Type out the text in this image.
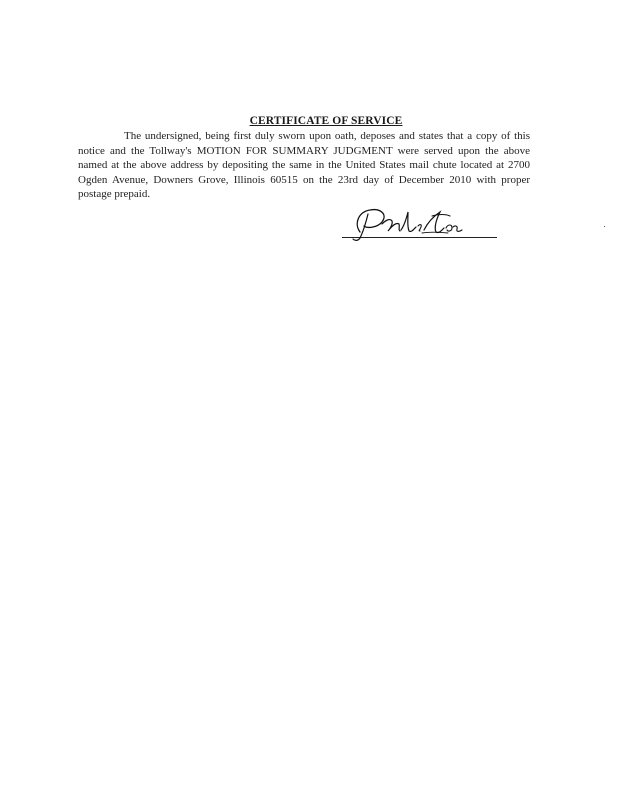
CERTIFICATE OF SERVICE

The undersigned, being first duly sworn upon oath, deposes and states that a copy of this notice and the Tollway's MOTION FOR SUMMARY JUDGMENT were served upon the above named at the above address by depositing the same in the United States mail chute located at 2700 Ogden Avenue, Downers Grove, Illinois 60515 on the 23rd day of December 2010 with proper postage prepaid.
